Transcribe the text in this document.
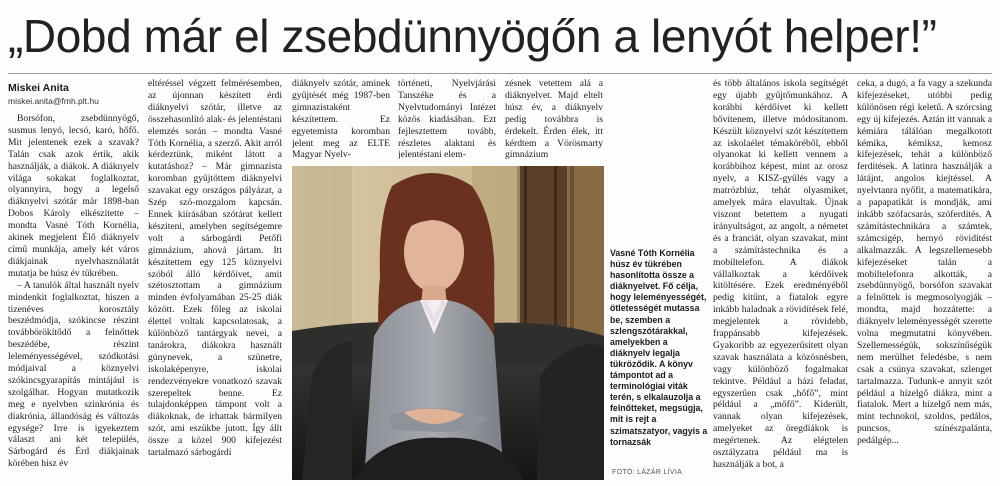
„Dobd már el zsebdünnyögőn a lenyót helper!”
Miskei Anita
miskei.anita@fmh.plt.hu

Borsófon, zsebdünnyögő, susmus lenyó, lecsó, karó, hőfő. Mit jelentenek ezek a szavak? Talán csak azok értik, akik használják, a diákok. A diáknyelv világa sokakat foglalkoztat, olyannyira, hogy a legelső diáknyelvi szótár már 1898-ban Dobos Károly elkészítette – mondta Vasné Tóth Kornélia, akinek megjelent Élő diáknyelv című munkája, amely két város diákjainak nyelvhasználatát mutatja be húsz év tükrében.

– A tanulók által használt nyelv mindenkit foglalkoztat, hiszen a tizenéves korosztály beszédmódja, szókincse részint továbbörökítődő a felnőttek beszédébe, részint leleményességével, szódkotási módjaival a köznyelvi szókincsgyarapítás mintájául is szolgálhat. Hogyan mutatkozik meg e nyelvben szinkrónia és diakrónia, állandóság és változás egysége? Irre is igyekeztem választ ani két település, Sárbogárd és Érd diákjainak körében hisz év

eltéréssel végzett felmérésemben, az újonnan készített érdi diáknyelvi szótár, illetve az összehasonlító alak- és jelentéstani elemzés során – mondta Vasné Tóth Kornélia, a szerző. Akit arról kérdeztünk, miként látott a kutatáshoz? – Már gimnazista koromban gyűjtöttem diáknyelvi szavakat egy országos pályázat, a Szép szó-mozgalom kapcsán. Ennek kiírásában szótárat kellett készíteni, amelyben segítségemre volt a sárbogárdi Petőfi gimnázium, ahová jártam. Itt készítettem egy 125 köznyelvi szóból álló kérdőívet, amit szétosztottam a gimnázium minden évfolyamában 25-25 diák között. Ezek főleg az iskolai élettel voltak kapcsolatosak, a különböző tantárgyak nevei, a tanárokra, diákokra használt gúnynevek, a szünetre, iskolaképenyre, iskolai rendezvényekre vonatkozó szavak szerepeltek benne. Ez tulajdonképpen támpont volt a diákoknak, de írhattak bármilyen szót, ami eszükbe jutott. Így állt össze a közel 900 kifejezést tartalmazó sárbogárdi

diáknyelv szótár, aminek gyűjtését még 1987-ben gimnazistaként készítettem. Ez egyetemista koromban jelent meg az ELTE Magyar Nyelv-

történeti, Nyelvjárási Tanszéke és a Nyelvtudományi Intézet közös kiadásában. Ezt fejlesztettem tovább, részletes alaktani és jelentéstani elem-

zésnek vetettem alá a diáknyelvet. Majd eltelt húsz év, a diáknyelv pedig továbbra is érdekelt. Érden élek, itt kérdtem a Vörösmarty gimnázium

és több általános iskola segítségét egy újabb gyűjtőmunkához. A korábbi kérdőívet ki kellett bővítenem, illetve módosítanom. Készült köznyelvi szót készítettem az iskolaélet témaköréből, ebből olyanokat ki kellett vennem a korábbihoz képest, mint az orosz nyelv, a KISZ-gyűlés vagy a matrózblúz, tehát olyasmiket, amelyek mára elavultak. Újnak viszont betettem a nyugati irányultságot, az angolt, a németet és a franciát, olyan szavakat, mint a számítástechnika és a mobiltelefon. A diákok vállalkoztak a kérdőívek kitöltésére. Ezek eredményéből pedig kitűnt, a fiatalok egyre inkább haladnak a rövidítések felé, megjelentek a rövidebb, frappánsabb kifejezések. Gyakoribb az egyezerűsített olyan szavak használata a közösnésben, vagy különböző fogalmakat tekintve. Például a házi feladat, egyszerűen csak „hőfő”, mint például a „mőfő”. Kiderült, vannak olyan kifejezések, amelyeket az öregdiákok is megértenek. Az elégtelen osztályzatra például ma is használják a bot, a

ceka, a dugó, a fa vagy a szekunda kifejezéseket, utóbbi pedig különösen régi keletű. A szórcsing egy új kifejezés. Aztán itt vannak a kémiára tálálóan megalkotott kémika, kémiksz, kemosz kifejezések, tehát a különböző ferdítések. A latinra használják a látájnt, angolos kiejtéssel. A nyelvtanra nyőfit, a matematikára, a papapatikát is mondják, ami inkább szófacsarás, szóferdítés. A számítástechnikára a számtek, számcsigép, hernyó rövidítést alkalmazzák. A legszellemesebb kifejezéseket talán a mobiltelefonra alkották, a zsebdünnyögő, borsófon szavakat a felnőttek is megmosolyogják – mondta, majd hozzátette: a diáknyelv leleményességét szerette volna megmutatni könyvében. Szellemességük, sokszínűségük nem merülhet feledésbe, s nem csak a csúnya szavakat, szlenget tartalmazza. Tudunk-e annyit szót például a hízelgő diákra, mint a fiatalok. Mert a hízelgő nem más, mint technokol, szoldos, pedálos, puncsos, színészpalánta, pedálgép...

Vasné Tóth Kornélia húsz év tükrében hasonlította össze a diáknyelvet. Fő célja, hogy leleményességét, ötletességét mutassa be, szemben a szlengszótárakkal, amelyekben a diáknyelv legalja tükröződik. A könyv támpontot ad a terminológiai viták terén, s elkalauzolja a felnőtteket, megsúgja, mit is rejt a szimatszatyor, vagyis a tornazsák
FOTÓ: LÁZÁR LÍVIA
